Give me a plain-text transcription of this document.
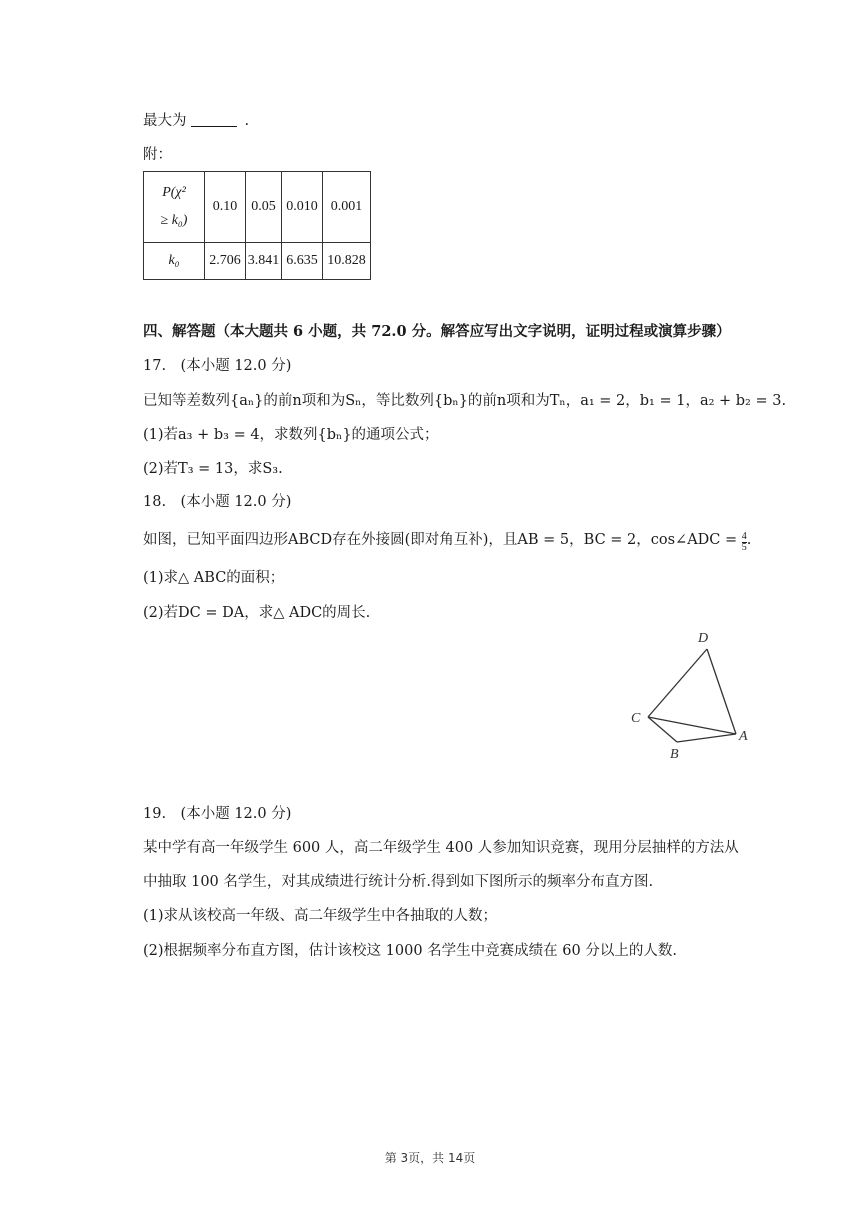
最大为	.
附：
P(χ²
≥ k₀)	0.10	0.05	0.010	0.001
k₀	2.706	3.841	6.635	10.828
四、解答题（本大题共 6 小题，共 72.0 分。解答应写出文字说明，证明过程或演算步骤）
17.　(本小题 12.0 分)
已知等差数列{aₙ}的前n项和为Sₙ，等比数列{bₙ}的前n项和为Tₙ，a₁ = 2，b₁ = 1，a₂ + b₂ = 3.
(1)若a₃ + b₃ = 4，求数列{bₙ}的通项公式；
(2)若T₃ = 13，求S₃.
18.　(本小题 12.0 分)
如图，已知平面四边形ABCD存在外接圆(即对角互补)，且AB = 5，BC = 2，cos∠ADC = $\frac{4}{5}$ .
(1)求△ ABC的面积；
(2)若DC = DA，求△ ADC的周长.
D
C
A
B
19.　(本小题 12.0 分)
某中学有高一年级学生 600 人，高二年级学生 400 人参加知识竞赛，现用分层抽样的方法从
中抽取 100 名学生，对其成绩进行统计分析.得到如下图所示的频率分布直方图.
(1)求从该校高一年级、高二年级学生中各抽取的人数；
(2)根据频率分布直方图，估计该校这 1000 名学生中竞赛成绩在 60 分以上的人数.
第 3页，共 14页
